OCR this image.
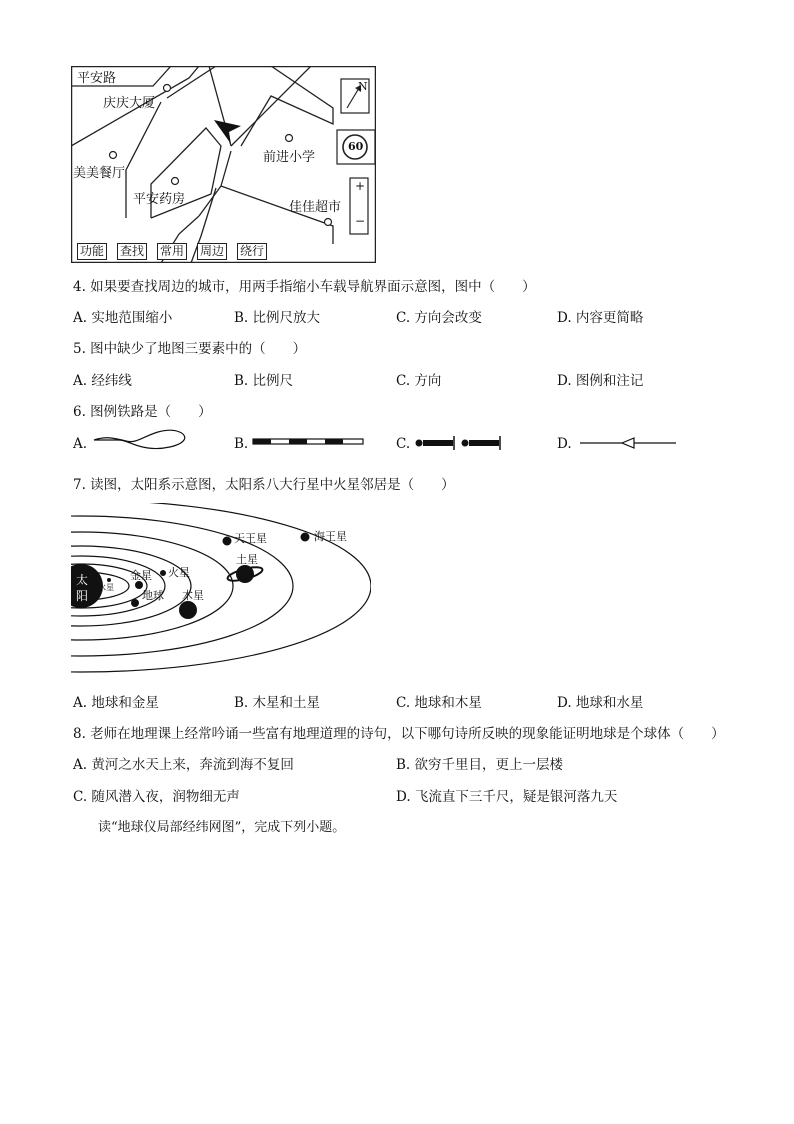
平安路
庆庆大厦
前进小学
美美餐厅
平安药房
佳佳超市
N
60
+
−
功能 查找 常用 周边 绕行
4. 如果要查找周边的城市，用两手指缩小车载导航界面示意图，图中（　　）
A. 实地范围缩小	B. 比例尺放大	C. 方向会改变	D. 内容更简略
5. 图中缺少了地图三要素中的（　　）
A. 经纬线	B. 比例尺	C. 方向	D. 图例和注记
6. 图例铁路是（　　）
A.	B.	C.	D.
7. 读图，太阳系示意图，太阳系八大行星中火星邻居是（　　）
太
阳
水星
金星
地球
火星
木星
土星
天王星	海王星
A. 地球和金星	B. 木星和土星	C. 地球和木星	D. 地球和水星
8. 老师在地理课上经常吟诵一些富有地理道理的诗句，以下哪句诗所反映的现象能证明地球是个球体（　　）
A. 黄河之水天上来，奔流到海不复回	B. 欲穷千里目，更上一层楼
C. 随风潜入夜，润物细无声	D. 飞流直下三千尺，疑是银河落九天
读“地球仪局部经纬网图”，完成下列小题。
